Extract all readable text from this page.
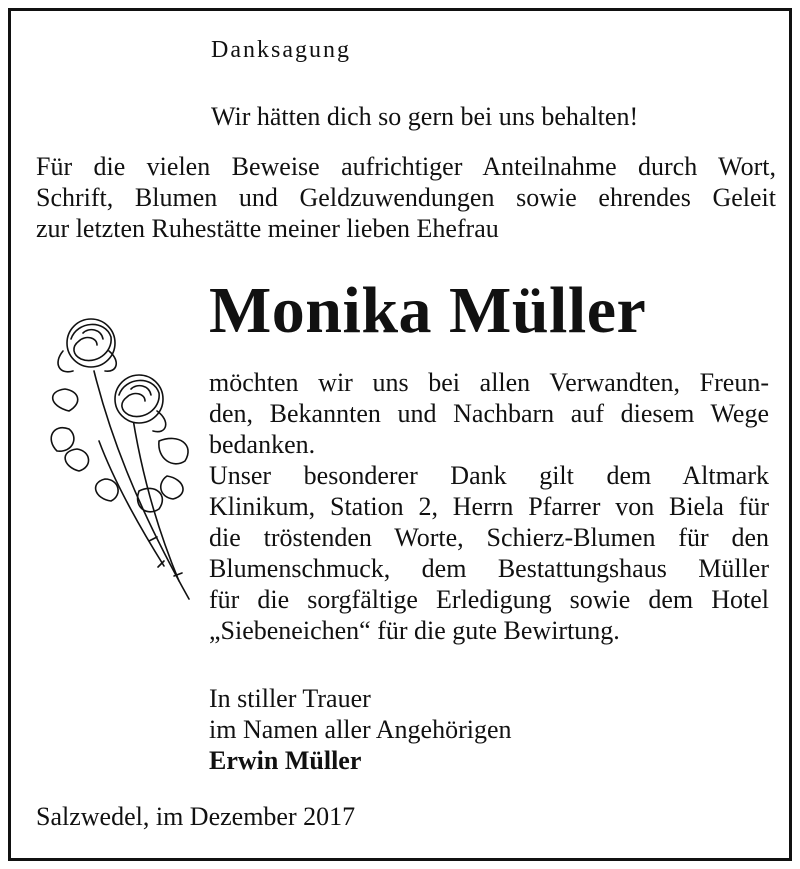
Danksagung

Wir hätten dich so gern bei uns behalten!

Für die vielen Beweise aufrichtiger Anteilnahme durch Wort,
Schrift, Blumen und Geldzuwendungen sowie ehrendes Geleit
zur letzten Ruhestätte meiner lieben Ehefrau

Monika Müller

möchten wir uns bei allen Verwandten, Freun-
den, Bekannten und Nachbarn auf diesem Wege
bedanken.
Unser besonderer Dank gilt dem Altmark
Klinikum, Station 2, Herrn Pfarrer von Biela für
die tröstenden Worte, Schierz-Blumen für den
Blumenschmuck, dem Bestattungshaus Müller
für die sorgfältige Erledigung sowie dem Hotel
„Siebeneichen“ für die gute Bewirtung.

In stiller Trauer

im Namen aller Angehörigen

Erwin Müller

Salzwedel, im Dezember 2017
